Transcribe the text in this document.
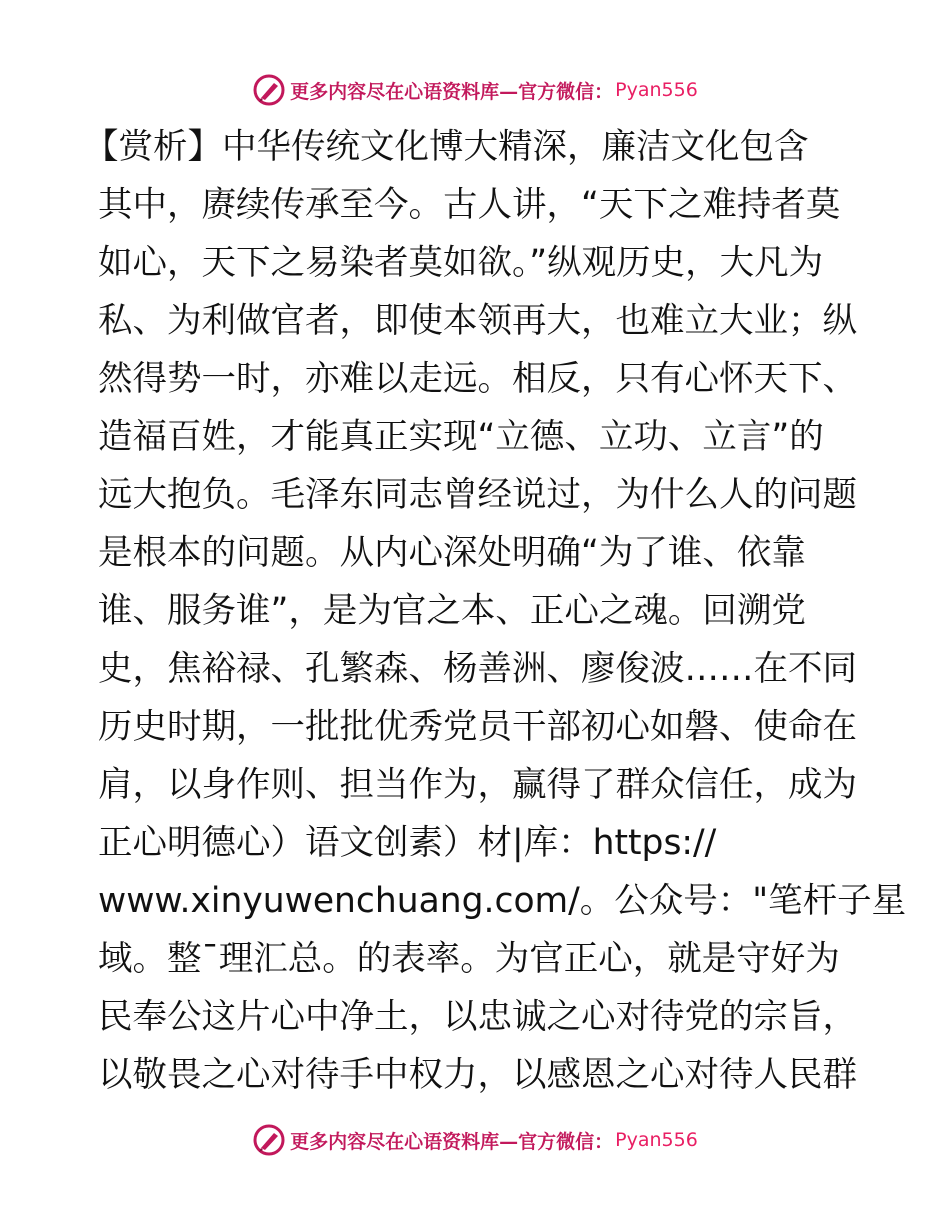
更多内容尽在心语资料库—官方微信： Pyan556
【赏析】中华传统文化博大精深，廉洁文化包含
其中，赓续传承至今。古人讲，“天下之难持者莫
如心，天下之易染者莫如欲。”纵观历史，大凡为
私、为利做官者，即使本领再大，也难立大业；纵
然得势一时，亦难以走远。相反，只有心怀天下、
造福百姓，才能真正实现“立德、立功、立言”的
远大抱负。毛泽东同志曾经说过，为什么人的问题
是根本的问题。从内心深处明确“为了谁、依靠
谁、服务谁”，是为官之本、正心之魂。回溯党
史，焦裕禄、孔繁森、杨善洲、廖俊波……在不同
历史时期，一批批优秀党员干部初心如磐、使命在
肩，以身作则、担当作为，赢得了群众信任，成为
正心明德心）语文创素）材|库：https://
www.xinyuwenchuang.com/。公众号："笔杆子星
域。整¯理汇总。的表率。为官正心，就是守好为
民奉公这片心中净土，以忠诚之心对待党的宗旨，
以敬畏之心对待手中权力，以感恩之心对待人民群
更多内容尽在心语资料库—官方微信： Pyan556
